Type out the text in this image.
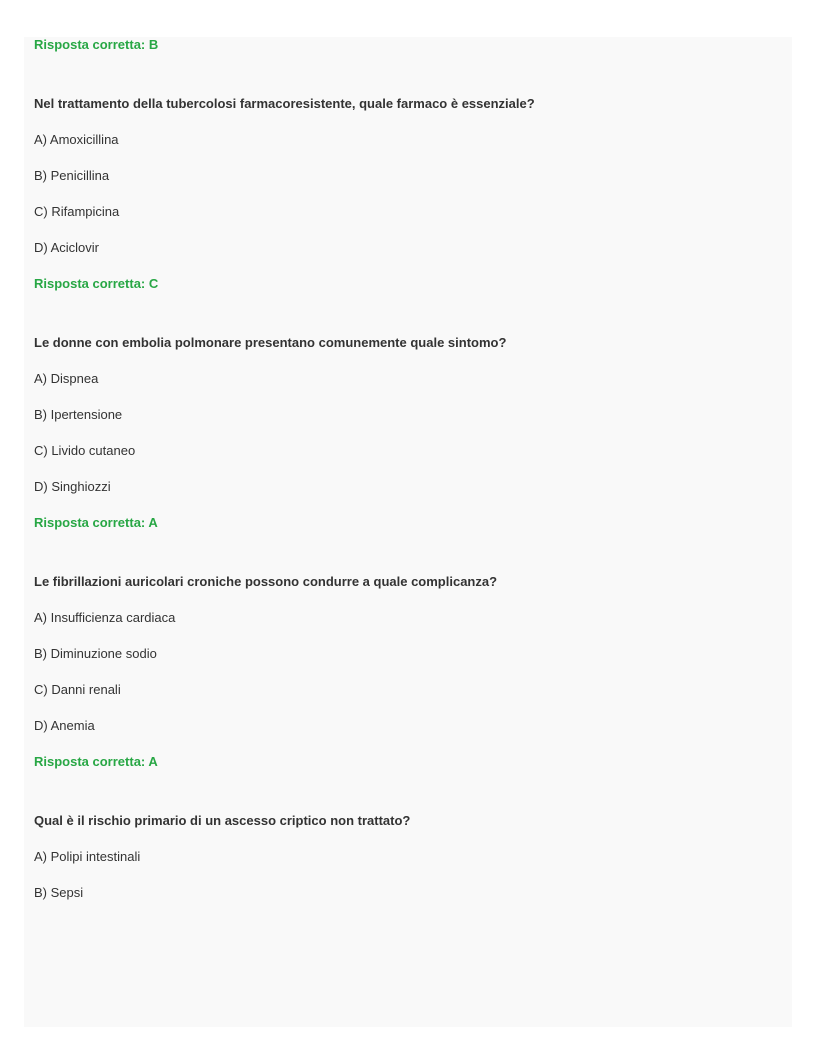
Risposta corretta: B
Nel trattamento della tubercolosi farmacoresistente, quale farmaco è essenziale?
A) Amoxicillina
B) Penicillina
C) Rifampicina
D) Aciclovir
Risposta corretta: C
Le donne con embolia polmonare presentano comunemente quale sintomo?
A) Dispnea
B) Ipertensione
C) Livido cutaneo
D) Singhiozzi
Risposta corretta: A
Le fibrillazioni auricolari croniche possono condurre a quale complicanza?
A) Insufficienza cardiaca
B) Diminuzione sodio
C) Danni renali
D) Anemia
Risposta corretta: A
Qual è il rischio primario di un ascesso criptico non trattato?
A) Polipi intestinali
B) Sepsi
